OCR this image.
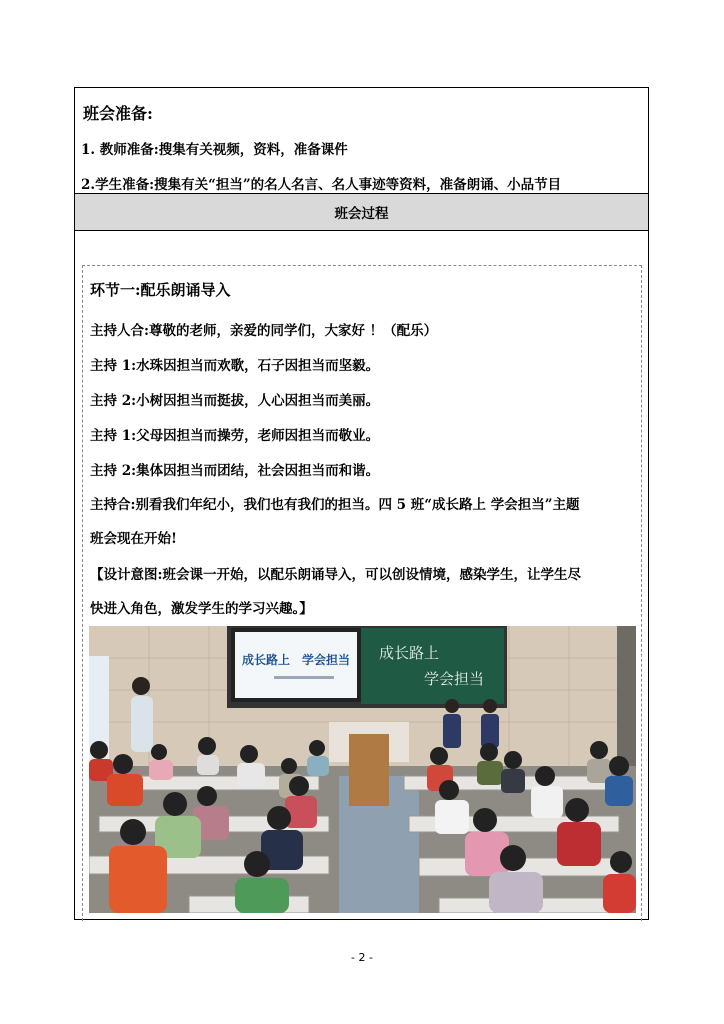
班会准备:
1. 教师准备:搜集有关视频，资料，准备课件
2.学生准备:搜集有关“担当”的名人名言、名人事迹等资料，准备朗诵、小品节目
班会过程
环节一:配乐朗诵导入
主持人合:尊敬的老师，亲爱的同学们，大家好 ！（配乐）
主持 1:水珠因担当而欢歌，石子因担当而坚毅。
主持 2:小树因担当而挺拔，人心因担当而美丽。
主持 1:父母因担当而操劳，老师因担当而敬业。
主持 2:集体因担当而团结，社会因担当而和谐。
主持合:别看我们年纪小，我们也有我们的担当。四 5 班“成长路上 学会担当”主题
班会现在开始!
【设计意图:班会课一开始，以配乐朗诵导入，可以创设情境，感染学生，让学生尽
快进入角色，激发学生的学习兴趣。】
成长路上　学会担当 成长路上
学会担当
- 2 -
